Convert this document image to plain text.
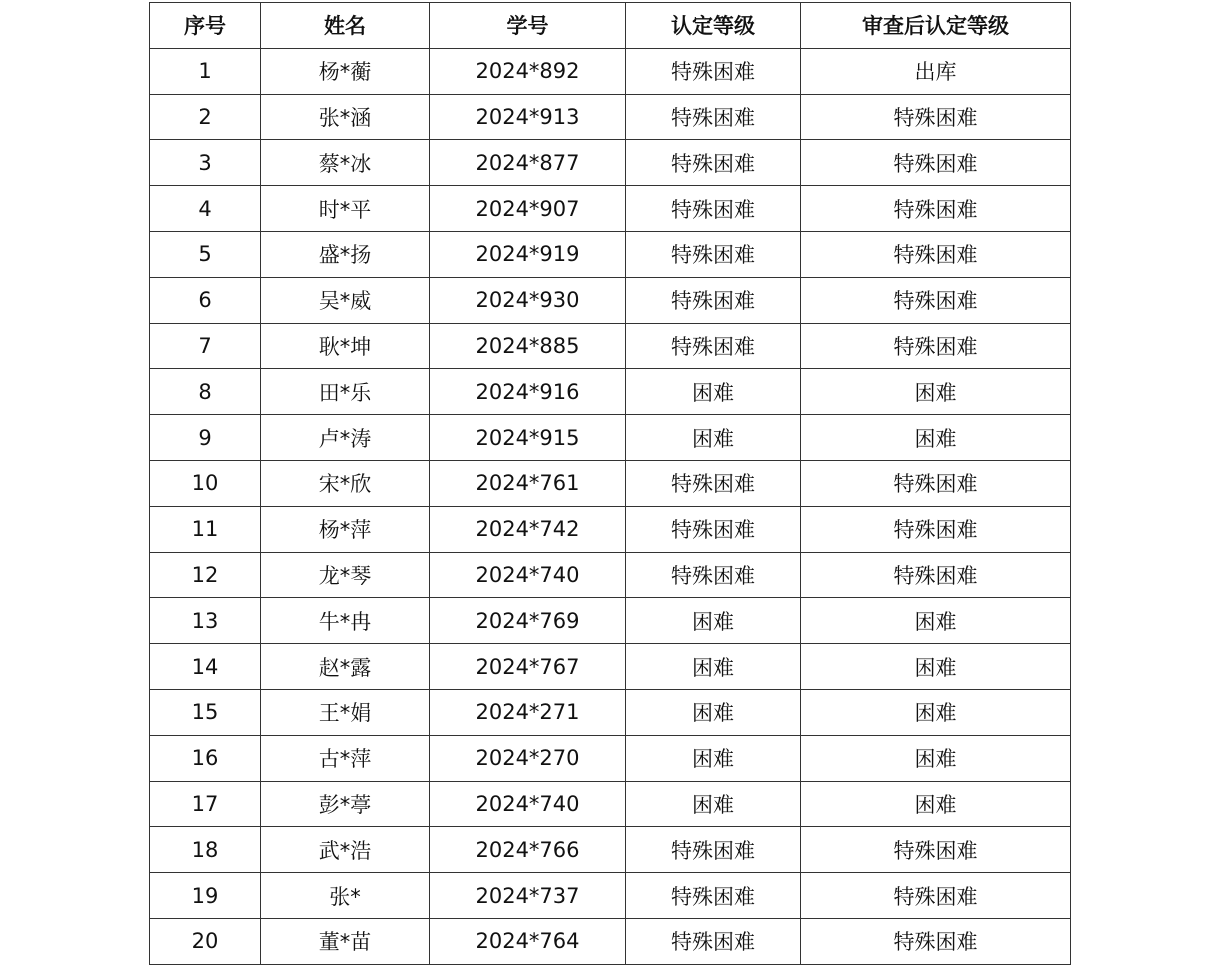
序号	姓名	学号	认定等级	审查后认定等级
1	杨*蘅	2024*892	特殊困难	出库
2	张*涵	2024*913	特殊困难	特殊困难
3	蔡*冰	2024*877	特殊困难	特殊困难
4	时*平	2024*907	特殊困难	特殊困难
5	盛*扬	2024*919	特殊困难	特殊困难
6	吴*威	2024*930	特殊困难	特殊困难
7	耿*坤	2024*885	特殊困难	特殊困难
8	田*乐	2024*916	困难	困难
9	卢*涛	2024*915	困难	困难
10	宋*欣	2024*761	特殊困难	特殊困难
11	杨*萍	2024*742	特殊困难	特殊困难
12	龙*琴	2024*740	特殊困难	特殊困难
13	牛*冉	2024*769	困难	困难
14	赵*露	2024*767	困难	困难
15	王*娟	2024*271	困难	困难
16	古*萍	2024*270	困难	困难
17	彭*葶	2024*740	困难	困难
18	武*浩	2024*766	特殊困难	特殊困难
19	张*	2024*737	特殊困难	特殊困难
20	董*苗	2024*764	特殊困难	特殊困难
